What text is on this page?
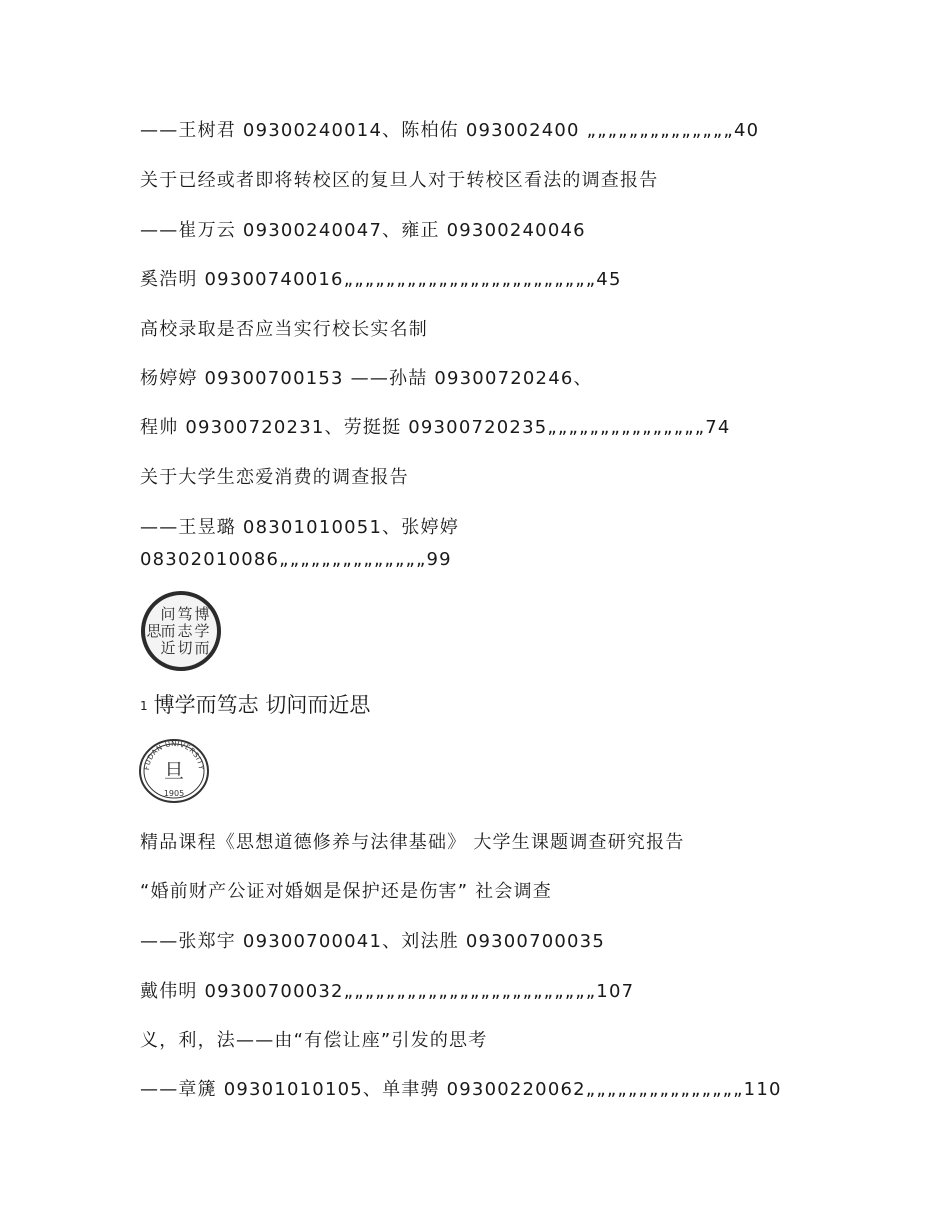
——王树君 09300240014、陈柏佑 093002400 „„„„„„„„„„„„„„40
关于已经或者即将转校区的复旦人对于转校区看法的调查报告
——崔万云 09300240047、雍正 09300240046
奚浩明 09300740016„„„„„„„„„„„„„„„„„„„„„„„„45
高校录取是否应当实行校长实名制
杨婷婷 09300700153 ——孙喆 09300720246、
程帅 09300720231、劳挺挺 09300720235„„„„„„„„„„„„„„„74
关于大学生恋爱消费的调查报告
——王昱璐 08301010051、张婷婷
08302010086„„„„„„„„„„„„„„99
博
学
而
笃
志
切
问
而
近
思
1 博学而笃志 切问而近思
FUDAN UNIVERSITY
旦
1905
精品课程《思想道德修养与法律基础》 大学生课题调查研究报告
“婚前财产公证对婚姻是保护还是伤害” 社会调查
——张郑宇 09300700041、刘法胜 09300700035
戴伟明 09300700032„„„„„„„„„„„„„„„„„„„„„„„„107
义，利，法——由“有偿让座”引发的思考
——章篪 09301010105、单聿骋 09300220062„„„„„„„„„„„„„„„110
